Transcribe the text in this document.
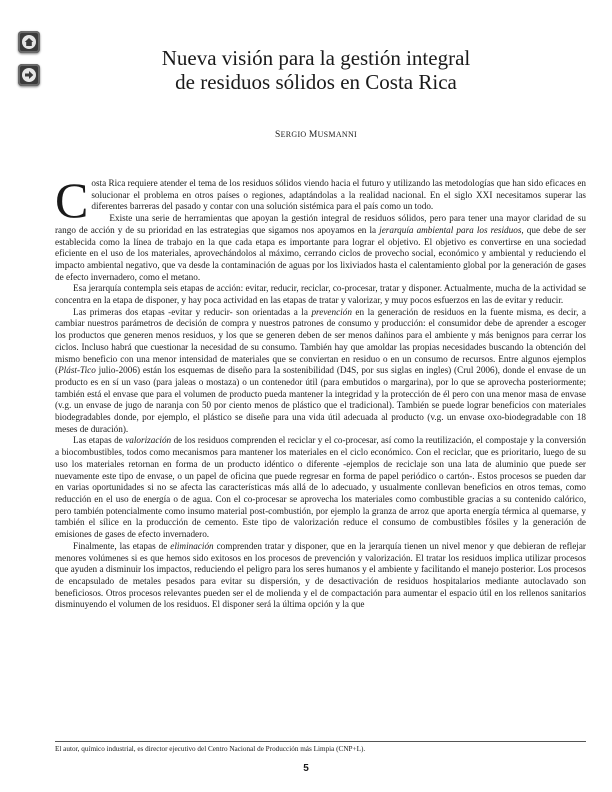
Nueva visión para la gestión integral
de residuos sólidos en Costa Rica

SERGIO MUSMANNI

Costa Rica requiere atender el tema de los residuos sólidos viendo hacia el futuro y utilizando las metodologías que han sido eficaces en solucionar el problema en otros países o regiones, adaptándolas a la realidad nacional. En el siglo XXI necesitamos superar las diferentes barreras del pasado y contar con una solución sistémica para el país como un todo.

Existe una serie de herramientas que apoyan la gestión integral de residuos sólidos, pero para tener una mayor claridad de su rango de acción y de su prioridad en las estrategias que sigamos nos apoyamos en la jerarquía ambiental para los residuos, que debe de ser establecida como la línea de trabajo en la que cada etapa es importante para lograr el objetivo. El objetivo es convertirse en una sociedad eficiente en el uso de los materiales, aprovechándolos al máximo, cerrando ciclos de provecho social, económico y ambiental y reduciendo el impacto ambiental negativo, que va desde la contaminación de aguas por los lixiviados hasta el calentamiento global por la generación de gases de efecto invernadero, como el metano.

Esa jerarquía contempla seis etapas de acción: evitar, reducir, reciclar, co-procesar, tratar y disponer. Actualmente, mucha de la actividad se concentra en la etapa de disponer, y hay poca actividad en las etapas de tratar y valorizar, y muy pocos esfuerzos en las de evitar y reducir.

Las primeras dos etapas -evitar y reducir- son orientadas a la prevención en la generación de residuos en la fuente misma, es decir, a cambiar nuestros parámetros de decisión de compra y nuestros patrones de consumo y producción: el consumidor debe de aprender a escoger los productos que generen menos residuos, y los que se generen deben de ser menos dañinos para el ambiente y más benignos para cerrar los ciclos. Incluso habrá que cuestionar la necesidad de su consumo. También hay que amoldar las propias necesidades buscando la obtención del mismo beneficio con una menor intensidad de materiales que se conviertan en residuo o en un consumo de recursos. Entre algunos ejemplos (Plást-Tico julio-2006) están los esquemas de diseño para la sostenibilidad (D4S, por sus siglas en ingles) (Crul 2006), donde el envase de un producto es en sí un vaso (para jaleas o mostaza) o un contenedor útil (para embutidos o margarina), por lo que se aprovecha posteriormente; también está el envase que para el volumen de producto pueda mantener la integridad y la protección de él pero con una menor masa de envase (v.g. un envase de jugo de naranja con 50 por ciento menos de plástico que el tradicional). También se puede lograr beneficios con materiales biodegradables donde, por ejemplo, el plástico se diseñe para una vida útil adecuada al producto (v.g. un envase oxo-biodegradable con 18 meses de duración).

Las etapas de valorización de los residuos comprenden el reciclar y el co-procesar, así como la reutilización, el compostaje y la conversión a biocombustibles, todos como mecanismos para mantener los materiales en el ciclo económico. Con el reciclar, que es prioritario, luego de su uso los materiales retornan en forma de un producto idéntico o diferente -ejemplos de reciclaje son una lata de aluminio que puede ser nuevamente este tipo de envase, o un papel de oficina que puede regresar en forma de papel periódico o cartón-. Estos procesos se pueden dar en varias oportunidades si no se afecta las características más allá de lo adecuado, y usualmente conllevan beneficios en otros temas, como reducción en el uso de energía o de agua. Con el co-procesar se aprovecha los materiales como combustible gracias a su contenido calórico, pero también potencialmente como insumo material post-combustión, por ejemplo la granza de arroz que aporta energía térmica al quemarse, y también el sílice en la producción de cemento. Este tipo de valorización reduce el consumo de combustibles fósiles y la generación de emisiones de gases de efecto invernadero.

Finalmente, las etapas de eliminación comprenden tratar y disponer, que en la jerarquía tienen un nivel menor y que debieran de reflejar menores volúmenes si es que hemos sido exitosos en los procesos de prevención y valorización. El tratar los residuos implica utilizar procesos que ayuden a disminuir los impactos, reduciendo el peligro para los seres humanos y el ambiente y facilitando el manejo posterior. Los procesos de encapsulado de metales pesados para evitar su dispersión, y de desactivación de residuos hospitalarios mediante autoclavado son beneficiosos. Otros procesos relevantes pueden ser el de molienda y el de compactación para aumentar el espacio útil en los rellenos sanitarios disminuyendo el volumen de los residuos. El disponer será la última opción y la que

El autor, químico industrial, es director ejecutivo del Centro Nacional de Producción más Limpia (CNP+L).

5
